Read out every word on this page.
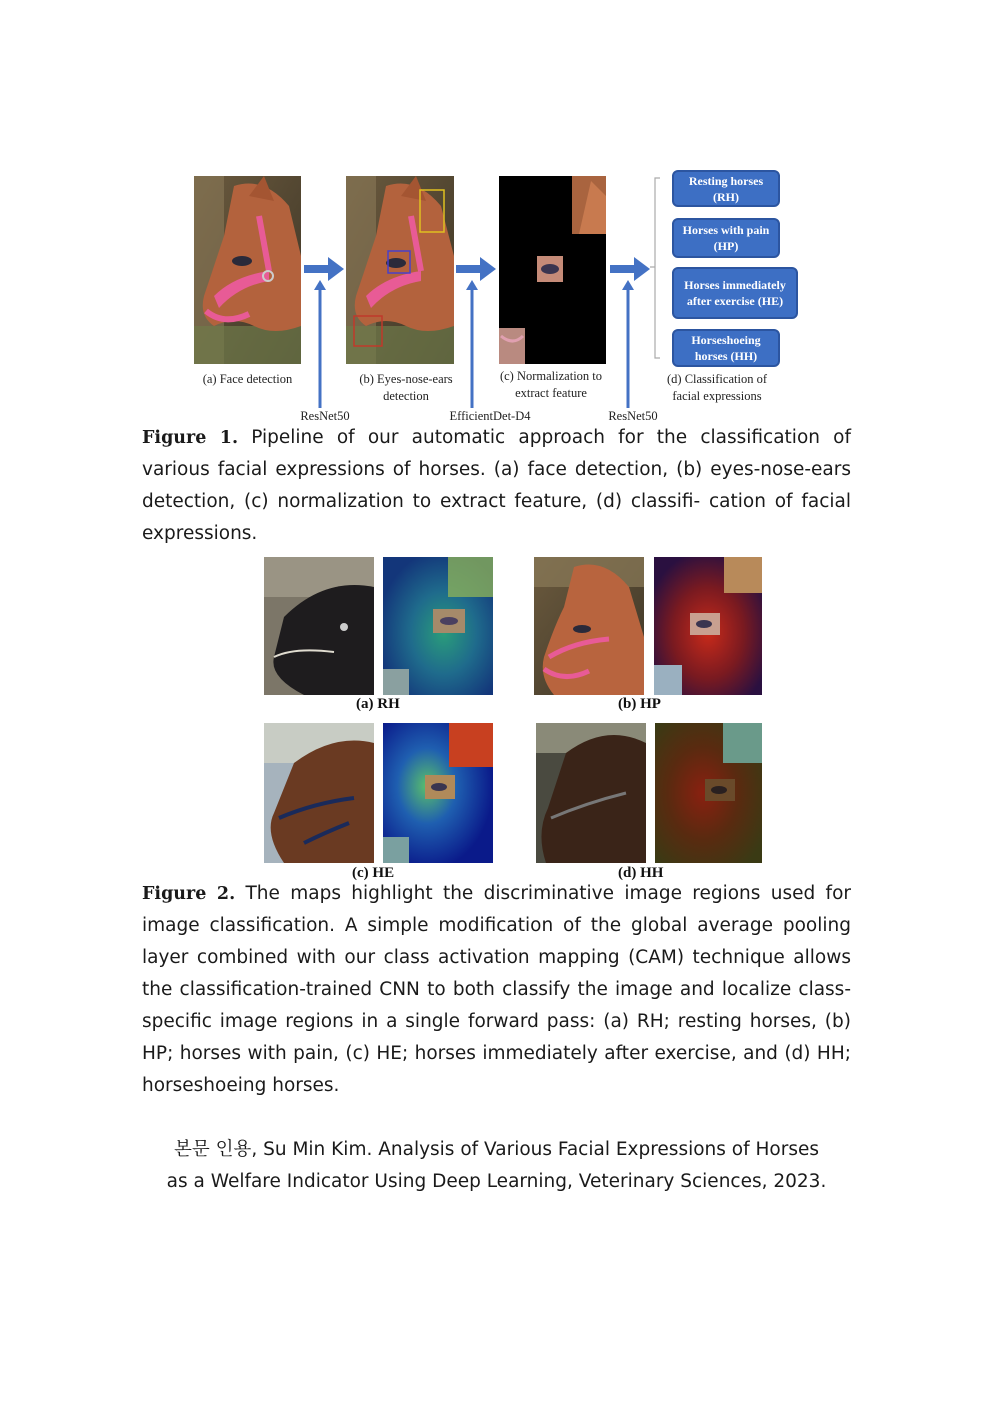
Resting horses (RH)
Horses with pain (HP)
Horses immediately after exercise (HE)
Horseshoeing horses (HH)
(a) Face detection	(b) Eyes-nose-ears detection
(c) Normalization to extract feature
(d) Classification of facial expressions
ResNet50	EfficientDet-D4	ResNet50
Figure 1. Pipeline of our automatic approach for the classification of various facial expressions of horses. (a) face detection, (b) eyes-nose-ears detection, (c) normalization to extract feature, (d) classifi- cation of facial expressions.
(a) RH	(b) HP
(c) HE	(d) HH
Figure 2. The maps highlight the discriminative image regions used for image classification. A simple modification of the global average pooling layer combined with our class activation mapping (CAM) technique allows the classification-trained CNN to both classify the image and localize class-specific image regions in a single forward pass: (a) RH; resting horses, (b) HP; horses with pain, (c) HE; horses immediately after exercise, and (d) HH; horseshoeing horses.
본문 인용, Su Min Kim. Analysis of Various Facial Expressions of Horses as a Welfare Indicator Using Deep Learning, Veterinary Sciences, 2023.
